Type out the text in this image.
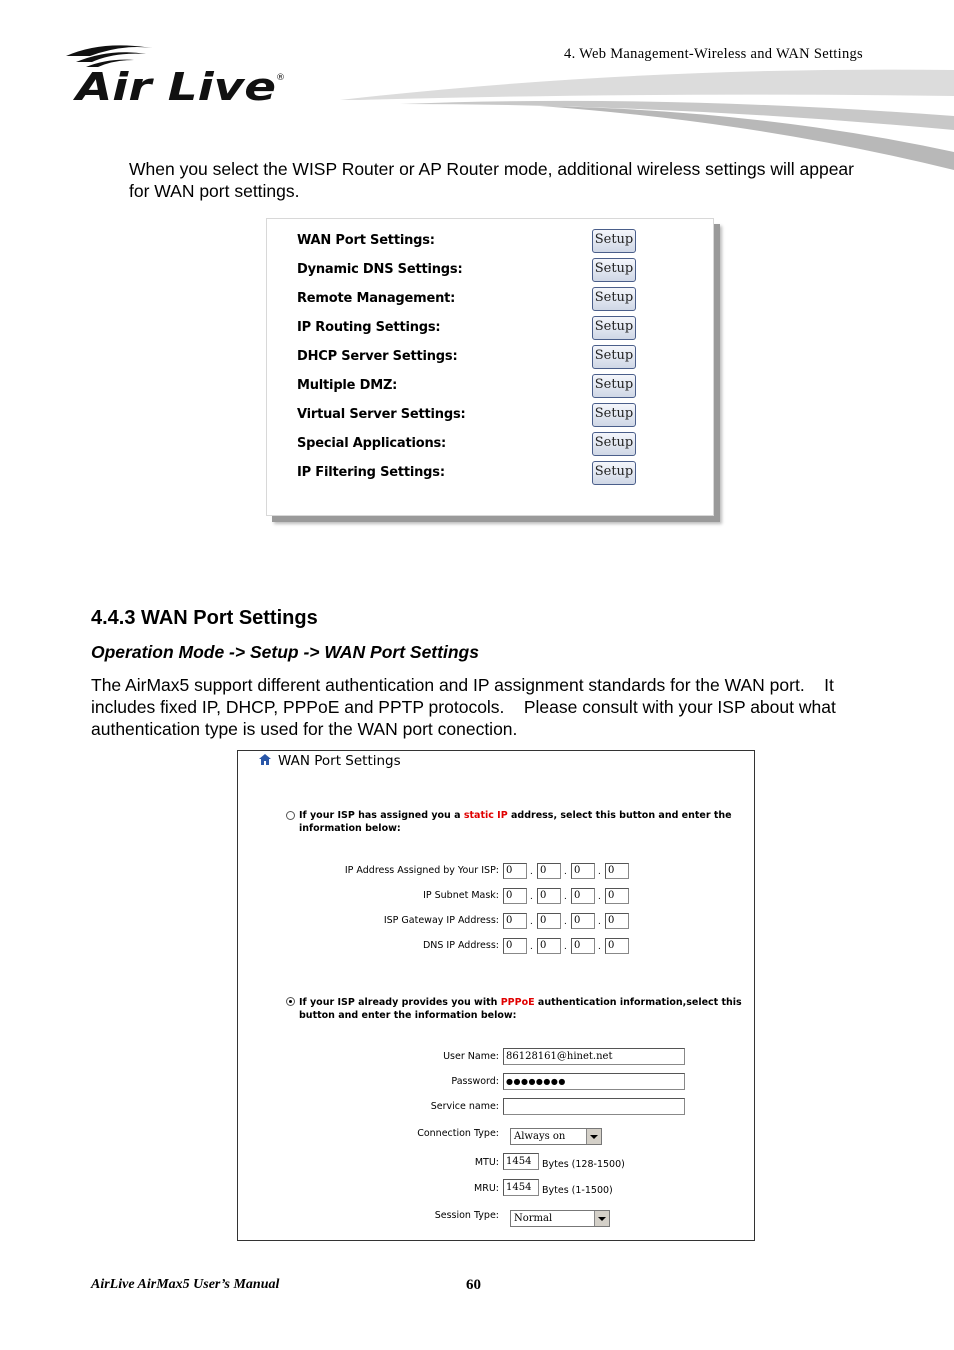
Air Live ®
4. Web Management-Wireless and WAN Settings
When you select the WISP Router or AP Router mode, additional wireless settings will appear for WAN port settings.
WAN Port Settings:	Setup
Dynamic DNS Settings:	Setup
Remote Management:	Setup
IP Routing Settings:	Setup
DHCP Server Settings:	Setup
Multiple DMZ:	Setup
Virtual Server Settings:	Setup
Special Applications:	Setup
IP Filtering Settings:	Setup
4.4.3 WAN Port Settings
Operation Mode -> Setup -> WAN Port Settings
The AirMax5 support different authentication and IP assignment standards for the WAN port.    It includes fixed IP, DHCP, PPPoE and PPTP protocols.    Please consult with your ISP about what authentication type is used for the WAN port conection.
WAN Port Settings
If your ISP has assigned you a static IP address, select this button and enter the
information below:
IP Address Assigned by Your ISP: 0	. 0	. 0	. 0
IP Subnet Mask: 0	. 0	. 0	. 0
ISP Gateway IP Address: 0	. 0	. 0	. 0
DNS IP Address: 0	. 0	. 0	. 0
If your ISP already provides you with PPPoE authentication information,select this
button and enter the information below:
User Name: 86128161@hinet.net
Password: ●●●●●●●●
Service name:
Connection Type:	Always on
MTU: 1454	Bytes (128-1500)
MRU: 1454	Bytes (1-1500)
Session Type:	Normal
AirLive AirMax5 User’s Manual	60
